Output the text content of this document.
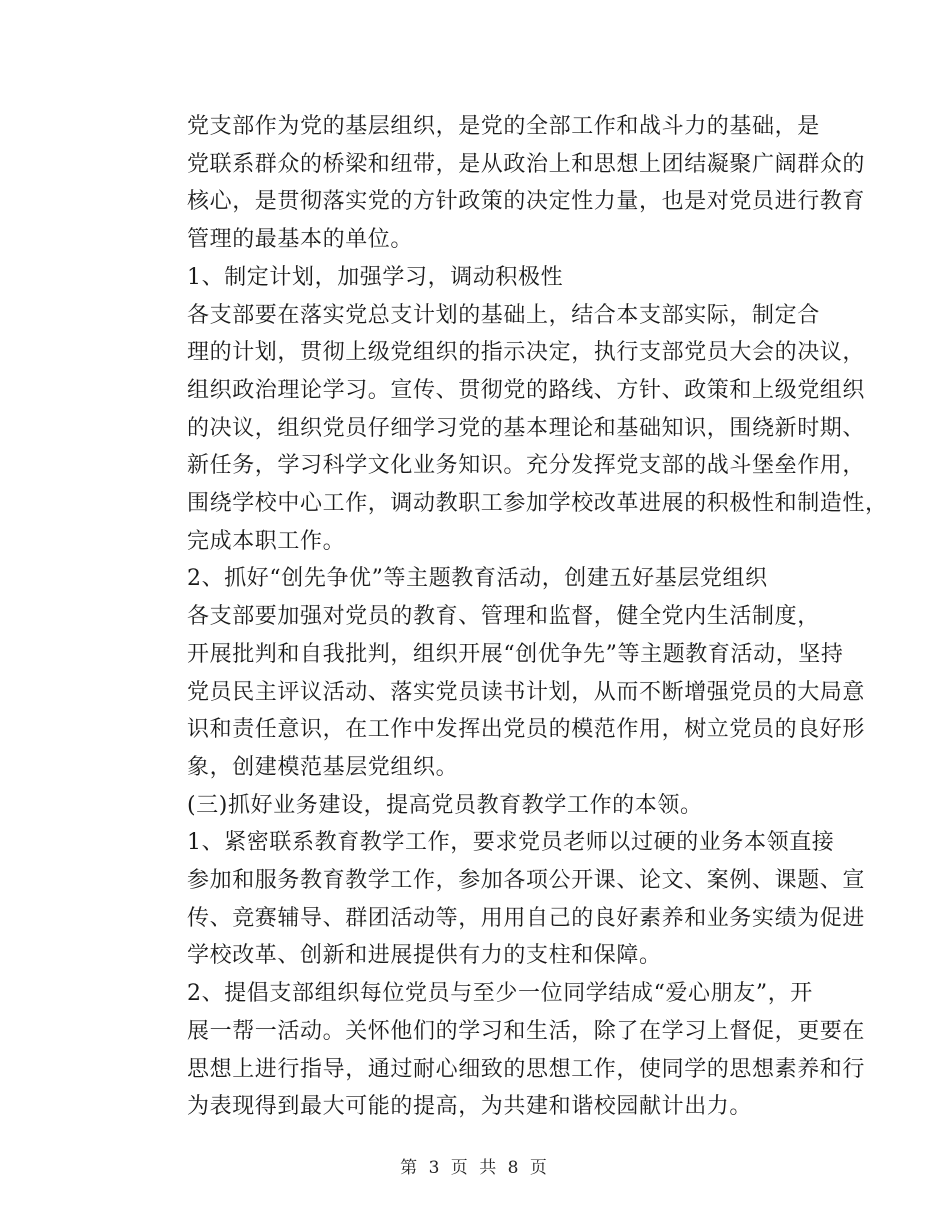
党支部作为党的基层组织，是党的全部工作和战斗力的基础，是
党联系群众的桥梁和纽带，是从政治上和思想上团结凝聚广阔群众的
核心，是贯彻落实党的方针政策的决定性力量，也是对党员进行教育
管理的最基本的单位。

1、制定计划，加强学习，调动积极性

各支部要在落实党总支计划的基础上，结合本支部实际，制定合
理的计划，贯彻上级党组织的指示决定，执行支部党员大会的决议，
组织政治理论学习。宣传、贯彻党的路线、方针、政策和上级党组织
的决议，组织党员仔细学习党的基本理论和基础知识，围绕新时期、
新任务，学习科学文化业务知识。充分发挥党支部的战斗堡垒作用，
围绕学校中心工作，调动教职工参加学校改革进展的积极性和制造性，
完成本职工作。

2、抓好“创先争优”等主题教育活动，创建五好基层党组织

各支部要加强对党员的教育、管理和监督，健全党内生活制度，
开展批判和自我批判，组织开展“创优争先”等主题教育活动，坚持
党员民主评议活动、落实党员读书计划，从而不断增强党员的大局意
识和责任意识，在工作中发挥出党员的模范作用，树立党员的良好形
象，创建模范基层党组织。

(三)抓好业务建设，提高党员教育教学工作的本领。

1、紧密联系教育教学工作，要求党员老师以过硬的业务本领直接
参加和服务教育教学工作，参加各项公开课、论文、案例、课题、宣
传、竞赛辅导、群团活动等，用用自己的良好素养和业务实绩为促进
学校改革、创新和进展提供有力的支柱和保障。

2、提倡支部组织每位党员与至少一位同学结成“爱心朋友”，开
展一帮一活动。关怀他们的学习和生活，除了在学习上督促，更要在
思想上进行指导，通过耐心细致的思想工作，使同学的思想素养和行
为表现得到最大可能的提高，为共建和谐校园献计出力。

第 3 页 共 8 页
